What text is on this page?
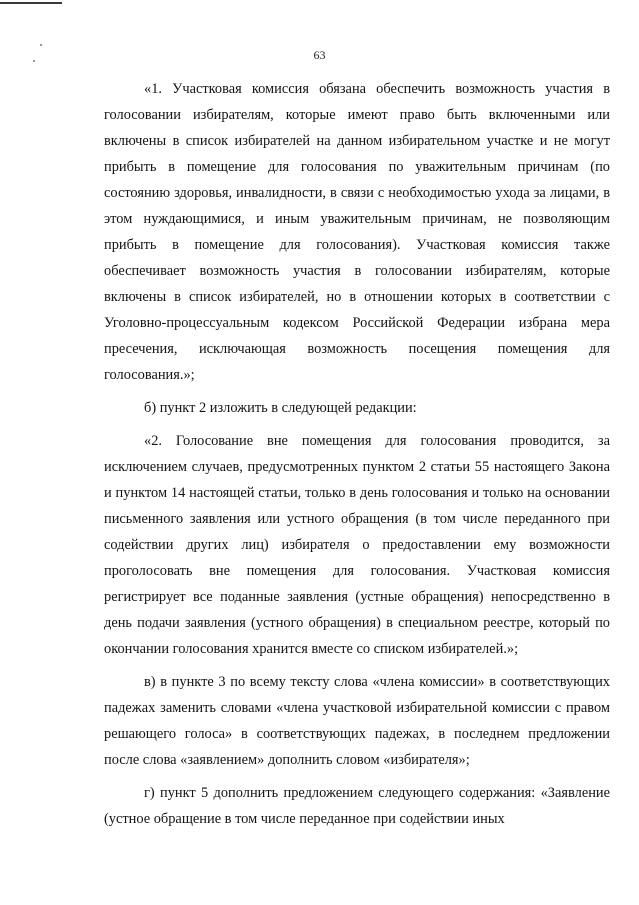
63

«1. Участковая комиссия обязана обеспечить возможность участия в голосовании избирателям, которые имеют право быть включенными или включены в список избирателей на данном избирательном участке и не могут прибыть в помещение для голосования по уважительным причинам (по состоянию здоровья, инвалидности, в связи с необходимостью ухода за лицами, в этом нуждающимися, и иным уважительным причинам, не позволяющим прибыть в помещение для голосования). Участковая комиссия также обеспечивает возможность участия в голосовании избирателям, которые включены в список избирателей, но в отношении которых в соответствии с Уголовно-процессуальным кодексом Российской Федерации избрана мера пресечения, исключающая возможность посещения помещения для голосования.»;

б) пункт 2 изложить в следующей редакции:

«2. Голосование вне помещения для голосования проводится, за исключением случаев, предусмотренных пунктом 2 статьи 55 настоящего Закона и пунктом 14 настоящей статьи, только в день голосования и только на основании письменного заявления или устного обращения (в том числе переданного при содействии других лиц) избирателя о предоставлении ему возможности проголосовать вне помещения для голосования. Участковая комиссия регистрирует все поданные заявления (устные обращения) непосредственно в день подачи заявления (устного обращения) в специальном реестре, который по окончании голосования хранится вместе со списком избирателей.»;

в) в пункте 3 по всему тексту слова «члена комиссии» в соответствующих падежах заменить словами «члена участковой избирательной комиссии с правом решающего голоса» в соответствующих падежах, в последнем предложении после слова «заявлением» дополнить словом «избирателя»;

г) пункт 5 дополнить предложением следующего содержания: «Заявление (устное обращение в том числе переданное при содействии иных
